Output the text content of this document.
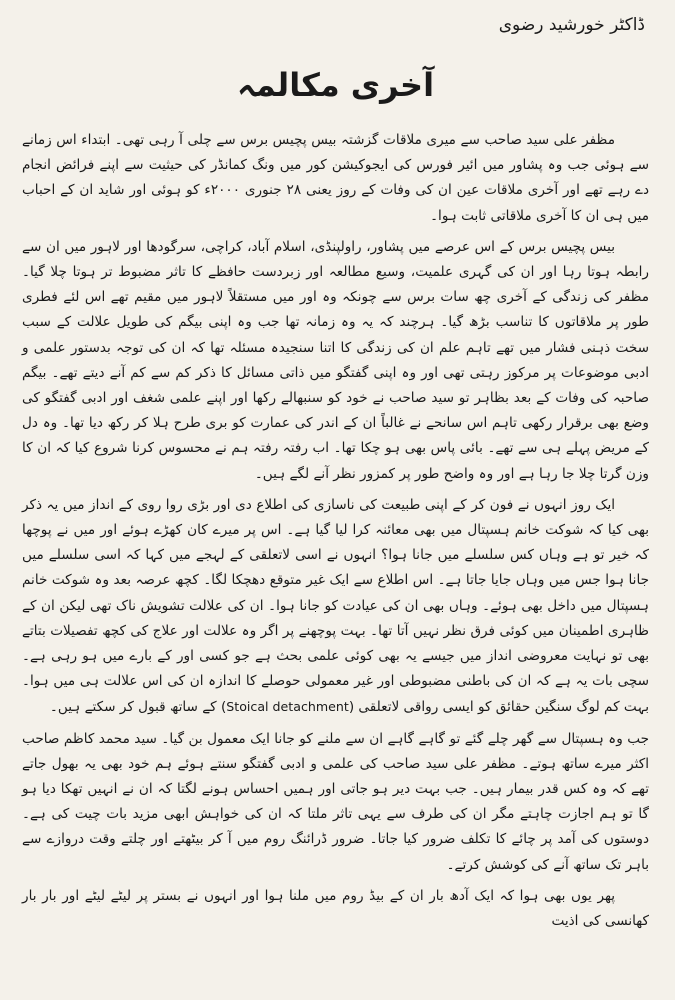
ڈاکٹر خورشید رضوی
آخری مکالمہ

مظفر علی سید صاحب سے میری ملاقات گزشتہ بیس پچیس برس سے چلی آ رہی تھی۔ ابتداء اس زمانے سے ہوئی جب وہ پشاور میں ائیر فورس کی ایجوکیشن کور میں ونگ کمانڈر کی حیثیت سے اپنے فرائض انجام دے رہے تھے اور آخری ملاقات عین ان کی وفات کے روز یعنی ۲۸ جنوری ۲۰۰۰ء کو ہوئی اور شاید ان کے احباب میں ہی ان کا آخری ملاقاتی ثابت ہوا۔

بیس پچیس برس کے اس عرصے میں پشاور، راولپنڈی، اسلام آباد، کراچی، سرگودھا اور لاہور میں ان سے رابطہ ہوتا رہا اور ان کی گہری علمیت، وسیع مطالعہ اور زبردست حافظے کا تاثر مضبوط تر ہوتا چلا گیا۔ مظفر کی زندگی کے آخری چھ سات برس سے چونکہ وہ اور میں مستقلاً لاہور میں مقیم تھے اس لئے فطری طور پر ملاقاتوں کا تناسب بڑھ گیا۔ ہرچند کہ یہ وہ زمانہ تھا جب وہ اپنی بیگم کی طویل علالت کے سبب سخت ذہنی فشار میں تھے تاہم علم ان کی زندگی کا اتنا سنجیدہ مسئلہ تھا کہ ان کی توجہ بدستور علمی و ادبی موضوعات پر مرکوز رہتی تھی اور وہ اپنی گفتگو میں ذاتی مسائل کا ذکر کم سے کم آنے دیتے تھے۔ بیگم صاحبہ کی وفات کے بعد بظاہر تو سید صاحب نے خود کو سنبھالے رکھا اور اپنے علمی شغف اور ادبی گفتگو کی وضع بھی برقرار رکھی تاہم اس سانحے نے غالباً ان کے اندر کی عمارت کو بری طرح ہلا کر رکھ دیا تھا۔ وہ دل کے مریض پہلے ہی سے تھے۔ بائی پاس بھی ہو چکا تھا۔ اب رفتہ رفتہ ہم نے محسوس کرنا شروع کیا کہ ان کا وزن گرتا چلا جا رہا ہے اور وہ واضح طور پر کمزور نظر آنے لگے ہیں۔

ایک روز انہوں نے فون کر کے اپنی طبیعت کی ناسازی کی اطلاع دی اور بڑی روا روی کے انداز میں یہ ذکر بھی کیا کہ شوکت خانم ہسپتال میں بھی معائنہ کرا لیا گیا ہے۔ اس پر میرے کان کھڑے ہوئے اور میں نے پوچھا کہ خیر تو ہے وہاں کس سلسلے میں جانا ہوا؟ انہوں نے اسی لاتعلقی کے لہجے میں کہا کہ اسی سلسلے میں جانا ہوا جس میں وہاں جایا جاتا ہے۔ اس اطلاع سے ایک غیر متوقع دھچکا لگا۔ کچھ عرصہ بعد وہ شوکت خانم ہسپتال میں داخل بھی ہوئے۔ وہاں بھی ان کی عیادت کو جانا ہوا۔ ان کی علالت تشویش ناک تھی لیکن ان کے ظاہری اطمینان میں کوئی فرق نظر نہیں آتا تھا۔ بہت پوچھنے پر اگر وہ علالت اور علاج کی کچھ تفصیلات بتاتے بھی تو نہایت معروضی انداز میں جیسے یہ بھی کوئی علمی بحث ہے جو کسی اور کے بارے میں ہو رہی ہے۔ سچی بات یہ ہے کہ ان کی باطنی مضبوطی اور غیر معمولی حوصلے کا اندازہ ان کی اس علالت ہی میں ہوا۔ بہت کم لوگ سنگین حقائق کو ایسی رواقی لاتعلقی (Stoical detachment) کے ساتھ قبول کر سکتے ہیں۔

جب وہ ہسپتال سے گھر چلے گئے تو گاہے گاہے ان سے ملنے کو جانا ایک معمول بن گیا۔ سید محمد کاظم صاحب اکثر میرے ساتھ ہوتے۔ مظفر علی سید صاحب کی علمی و ادبی گفتگو سنتے ہوئے ہم خود بھی یہ بھول جاتے تھے کہ وہ کس قدر بیمار ہیں۔ جب بہت دیر ہو جاتی اور ہمیں احساس ہونے لگتا کہ ان نے انہیں تھکا دیا ہو گا تو ہم اجازت چاہتے مگر ان کی طرف سے یہی تاثر ملتا کہ ان کی خواہش ابھی مزید بات چیت کی ہے۔ دوستوں کی آمد پر چائے کا تکلف ضرور کیا جاتا۔ ضرور ڈرائنگ روم میں آ کر بیٹھتے اور چلتے وقت دروازے سے باہر تک ساتھ آنے کی کوشش کرتے۔

پھر یوں بھی ہوا کہ ایک آدھ بار ان کے بیڈ روم میں ملنا ہوا اور انہوں نے بستر پر لیٹے لیٹے اور بار بار کھانسی کی اذیت
